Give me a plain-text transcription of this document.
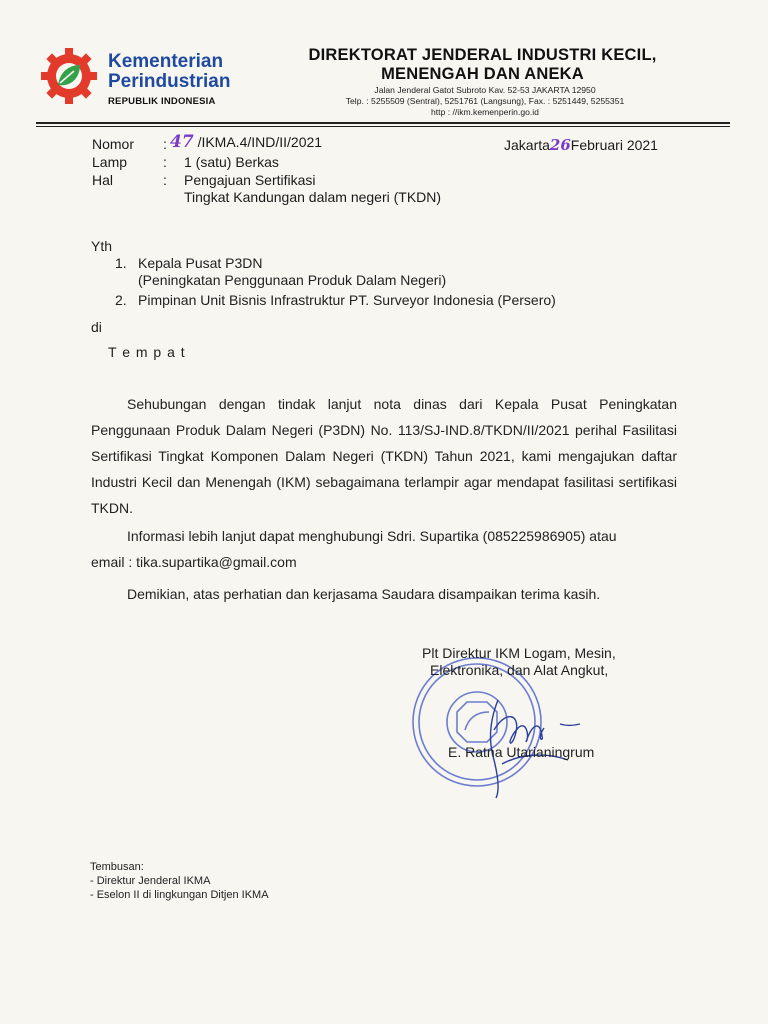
Kementerian
Perindustrian
REPUBLIK INDONESIA
DIREKTORAT JENDERAL INDUSTRI KECIL,
MENENGAH DAN ANEKA
Jalan Jenderal Gatot Subroto Kav. 52-53 JAKARTA 12950
Telp. : 5255509 (Sentral), 5251761 (Langsung), Fax. : 5251449, 5255351
http : //ikm.kemenperin.go.id
Nomor : 47 /IKMA.4/IND/II/2021	Jakarta26Februari 2021
Lamp	: 1 (satu) Berkas
Hal	: Pengajuan Sertifikasi
Tingkat Kandungan dalam negeri (TKDN)
Yth
1. Kepala Pusat P3DN
(Peningkatan Penggunaan Produk Dalam Negeri)
2. Pimpinan Unit Bisnis Infrastruktur PT. Surveyor Indonesia (Persero)
di
T e m p a t
Sehubungan dengan tindak lanjut nota dinas dari Kepala Pusat Peningkatan Penggunaan Produk Dalam Negeri (P3DN) No. 113/SJ-IND.8/TKDN/II/2021 perihal Fasilitasi Sertifikasi Tingkat Komponen Dalam Negeri (TKDN) Tahun 2021, kami mengajukan daftar Industri Kecil dan Menengah (IKM) sebagaimana terlampir agar mendapat fasilitasi sertifikasi TKDN.
Informasi lebih lanjut dapat menghubungi Sdri. Supartika (085225986905) atau
email : tika.supartika@gmail.com
Demikian, atas perhatian dan kerjasama Saudara disampaikan terima kasih.
Plt Direktur IKM Logam, Mesin,
Elektronika, dan Alat Angkut,
E. Ratna Utarianingrum
Tembusan:
- Direktur Jenderal IKMA
- Eselon II di lingkungan Ditjen IKMA
